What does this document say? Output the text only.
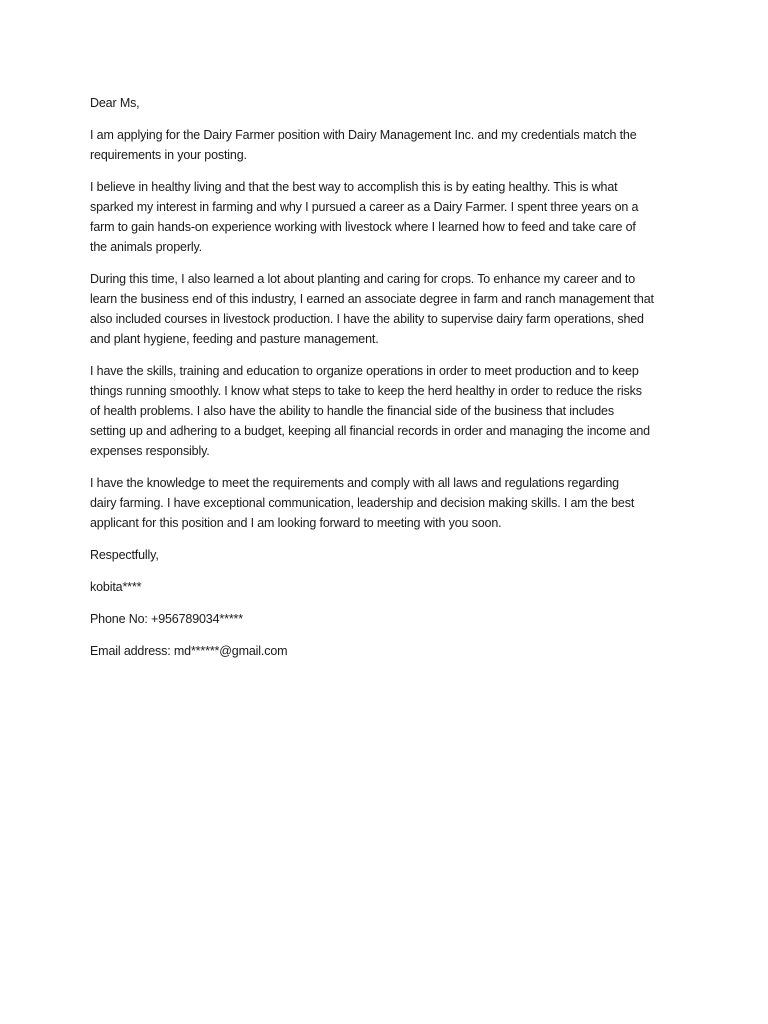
Dear Ms,
I am applying for the Dairy Farmer position with Dairy Management Inc. and my credentials match the
requirements in your posting.
I believe in healthy living and that the best way to accomplish this is by eating healthy. This is what
sparked my interest in farming and why I pursued a career as a Dairy Farmer. I spent three years on a
farm to gain hands-on experience working with livestock where I learned how to feed and take care of
the animals properly.
During this time, I also learned a lot about planting and caring for crops. To enhance my career and to
learn the business end of this industry, I earned an associate degree in farm and ranch management that
also included courses in livestock production. I have the ability to supervise dairy farm operations, shed
and plant hygiene, feeding and pasture management.
I have the skills, training and education to organize operations in order to meet production and to keep
things running smoothly. I know what steps to take to keep the herd healthy in order to reduce the risks
of health problems. I also have the ability to handle the financial side of the business that includes
setting up and adhering to a budget, keeping all financial records in order and managing the income and
expenses responsibly.
I have the knowledge to meet the requirements and comply with all laws and regulations regarding
dairy farming. I have exceptional communication, leadership and decision making skills. I am the best
applicant for this position and I am looking forward to meeting with you soon.
Respectfully,
kobita****
Phone No: +956789034*****
Email address: md******@gmail.com
